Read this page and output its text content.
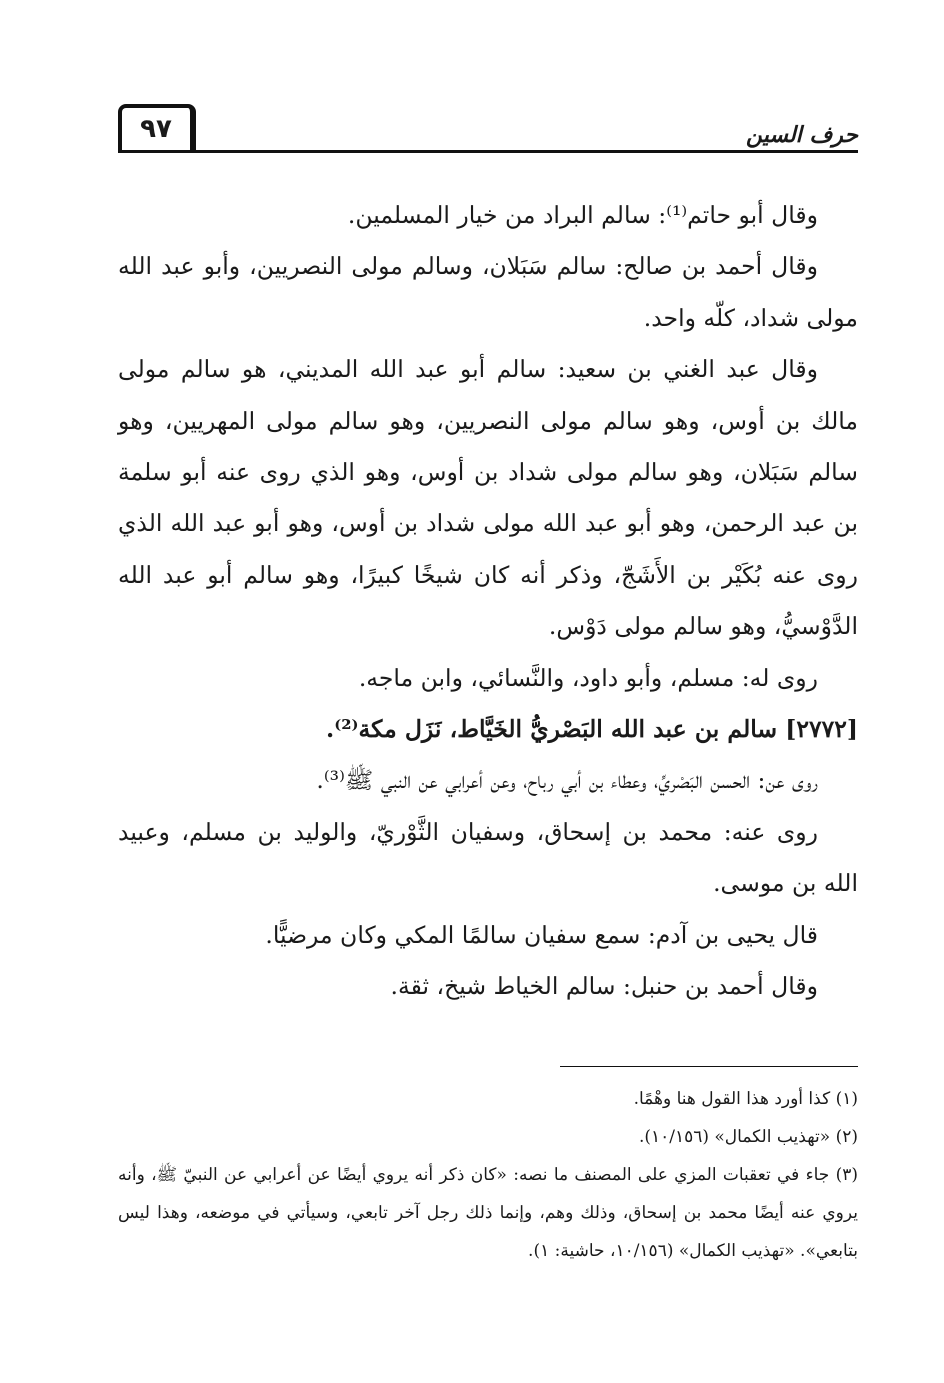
٩٧	حرف السين

وقال أبو حاتم⁽¹⁾: سالم البراد من خيار المسلمين.

وقال أحمد بن صالح: سالم سَبَلان، وسالم مولى النصريين، وأبو عبد الله مولى شداد، كلّه واحد.

وقال عبد الغني بن سعيد: سالم أبو عبد الله المديني، هو سالم مولى مالك بن أوس، وهو سالم مولى النصريين، وهو سالم مولى المهريين، وهو سالم سَبَلان، وهو سالم مولى شداد بن أوس، وهو الذي روى عنه أبو سلمة بن عبد الرحمن، وهو أبو عبد الله مولى شداد بن أوس، وهو أبو عبد الله الذي روى عنه بُكَيْر بن الأَشَجّ، وذكر أنه كان شيخًا كبيرًا، وهو سالم أبو عبد الله الدَّوْسيُّ، وهو سالم مولى دَوْس.

روى له: مسلم، وأبو داود، والنَّسائي، وابن ماجه.

[٢٧٧٢] سالم بن عبد الله البَصْريُّ الخَيَّاط، نَزَل مكة⁽²⁾.

روى عن: الحسن البَصْريِّ، وعطاء بن أبي رباح، وعن أعرابي عن النبي ﷺ⁽³⁾.

روى عنه: محمد بن إسحاق، وسفيان الثَّوْريّ، والوليد بن مسلم، وعبيد الله بن موسى.

قال يحيى بن آدم: سمع سفيان سالمًا المكي وكان مرضيًّا.

وقال أحمد بن حنبل: سالم الخياط شيخ، ثقة.

(١) كذا أورد هذا القول هنا وهْمًا.

(٢) «تهذيب الكمال» (١٠/١٥٦).

(٣) جاء في تعقبات المزي على المصنف ما نصه: «كان ذكر أنه يروي أيضًا عن أعرابي عن النبيّ ﷺ، وأنه يروي عنه أيضًا محمد بن إسحاق، وذلك وهم، وإنما ذلك رجل آخر تابعي، وسيأتي في موضعه، وهذا ليس بتابعي». «تهذيب الكمال» (١٠/١٥٦، حاشية: ١).
